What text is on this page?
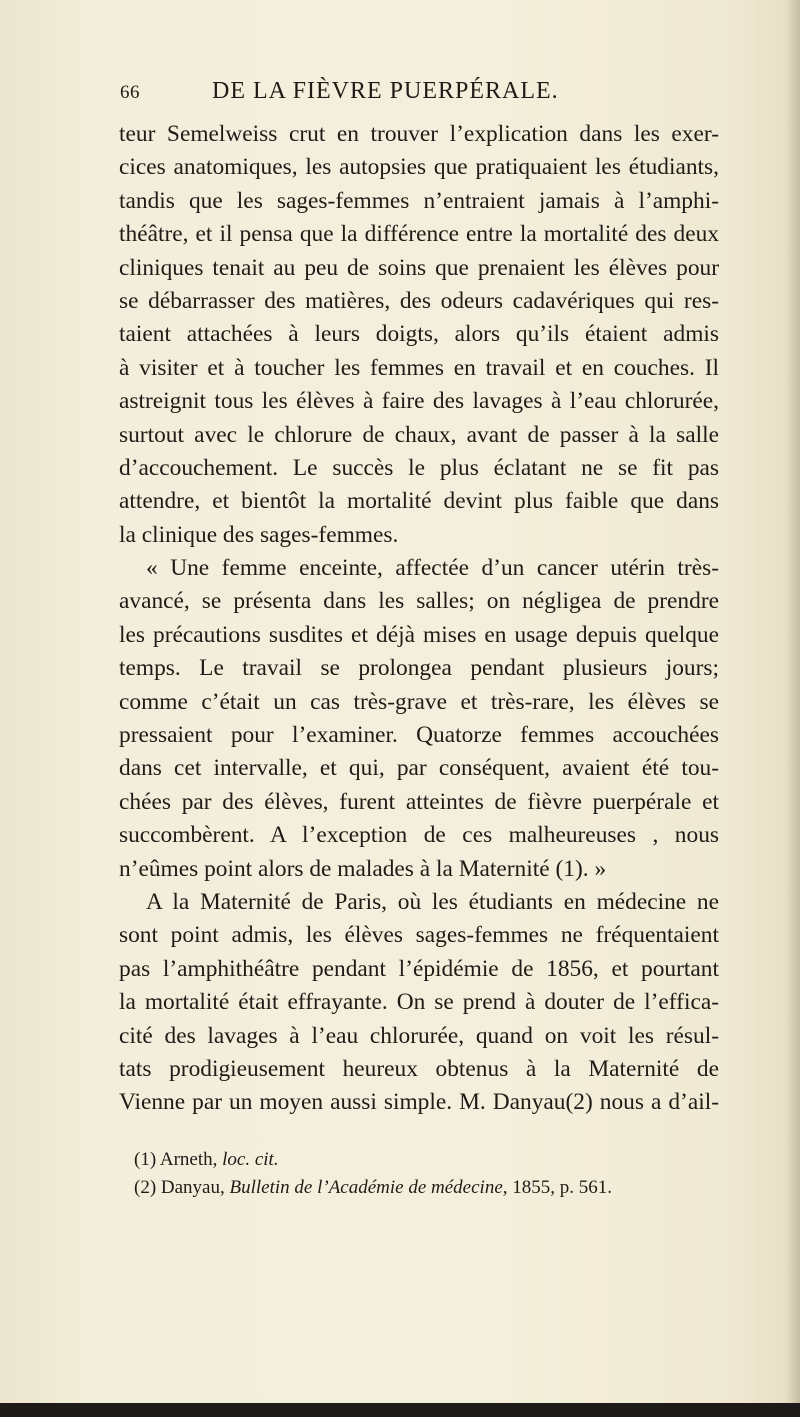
66	DE LA FIÈVRE PUERPÉRALE.
teur Semelweiss crut en trouver l’explication dans les exer-
cices anatomiques, les autopsies que pratiquaient les étudiants,
tandis que les sages-femmes n’entraient jamais à l’amphi-
théâtre, et il pensa que la différence entre la mortalité des deux
cliniques tenait au peu de soins que prenaient les élèves pour
se débarrasser des matières, des odeurs cadavériques qui res-
taient attachées à leurs doigts, alors qu’ils étaient admis
à visiter et à toucher les femmes en travail et en couches. Il
astreignit tous les élèves à faire des lavages à l’eau chlorurée,
surtout avec le chlorure de chaux, avant de passer à la salle
d’accouchement. Le succès le plus éclatant ne se fit pas
attendre, et bientôt la mortalité devint plus faible que dans
la clinique des sages-femmes.
« Une femme enceinte, affectée d’un cancer utérin très-
avancé, se présenta dans les salles; on négligea de prendre
les précautions susdites et déjà mises en usage depuis quelque
temps. Le travail se prolongea pendant plusieurs jours;
comme c’était un cas très-grave et très-rare, les élèves se
pressaient pour l’examiner. Quatorze femmes accouchées
dans cet intervalle, et qui, par conséquent, avaient été tou-
chées par des élèves, furent atteintes de fièvre puerpérale et
succombèrent. A l’exception de ces malheureuses , nous
n’eûmes point alors de malades à la Maternité (1). »
A la Maternité de Paris, où les étudiants en médecine ne
sont point admis, les élèves sages-femmes ne fréquentaient
pas l’amphithéâtre pendant l’épidémie de 1856, et pourtant
la mortalité était effrayante. On se prend à douter de l’effica-
cité des lavages à l’eau chlorurée, quand on voit les résul-
tats prodigieusement heureux obtenus à la Maternité de
Vienne par un moyen aussi simple. M. Danyau(2) nous a d’ail-
(1) Arneth, loc. cit.
(2) Danyau, Bulletin de l’Académie de médecine, 1855, p. 561.
